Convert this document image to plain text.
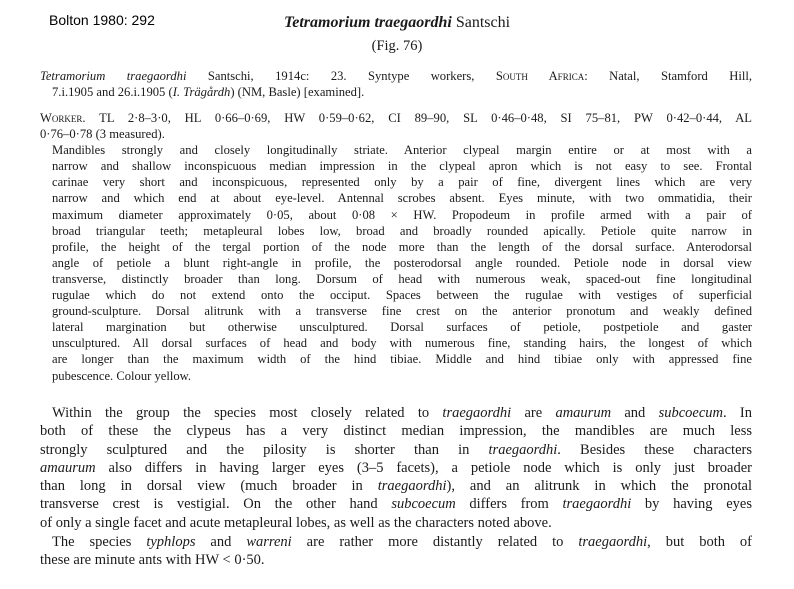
Bolton 1980: 292	Tetramorium traegaordhi Santschi
(Fig. 76)
Tetramorium traegaordhi Santschi, 1914c: 23. Syntype workers, South Africa: Natal, Stamford Hill,
7.i.1905 and 26.i.1905 (I. Trägårdh) (NM, Basle) [examined].
Worker. TL 2·8–3·0, HL 0·66–0·69, HW 0·59–0·62, CI 89–90, SL 0·46–0·48, SI 75–81, PW 0·42–0·44, AL
0·76–0·78 (3 measured).
Mandibles strongly and closely longitudinally striate. Anterior clypeal margin entire or at most with a
narrow and shallow inconspicuous median impression in the clypeal apron which is not easy to see. Frontal
carinae very short and inconspicuous, represented only by a pair of fine, divergent lines which are very
narrow and which end at about eye-level. Antennal scrobes absent. Eyes minute, with two ommatidia, their
maximum diameter approximately 0·05, about 0·08 × HW. Propodeum in profile armed with a pair of
broad triangular teeth; metapleural lobes low, broad and broadly rounded apically. Petiole quite narrow in
profile, the height of the tergal portion of the node more than the length of the dorsal surface. Anterodorsal
angle of petiole a blunt right-angle in profile, the posterodorsal angle rounded. Petiole node in dorsal view
transverse, distinctly broader than long. Dorsum of head with numerous weak, spaced-out fine longitudinal
rugulae which do not extend onto the occiput. Spaces between the rugulae with vestiges of superficial
ground-sculpture. Dorsal alitrunk with a transverse fine crest on the anterior pronotum and weakly defined
lateral margination but otherwise unsculptured. Dorsal surfaces of petiole, postpetiole and gaster
unsculptured. All dorsal surfaces of head and body with numerous fine, standing hairs, the longest of which
are longer than the maximum width of the hind tibiae. Middle and hind tibiae only with appressed fine
pubescence. Colour yellow.
Within the group the species most closely related to traegaordhi are amaurum and subcoecum. In
both of these the clypeus has a very distinct median impression, the mandibles are much less
strongly sculptured and the pilosity is shorter than in traegaordhi. Besides these characters
amaurum also differs in having larger eyes (3–5 facets), a petiole node which is only just broader
than long in dorsal view (much broader in traegaordhi), and an alitrunk in which the pronotal
transverse crest is vestigial. On the other hand subcoecum differs from traegaordhi by having eyes
of only a single facet and acute metapleural lobes, as well as the characters noted above.
The species typhlops and warreni are rather more distantly related to traegaordhi, but both of
these are minute ants with HW < 0·50.
